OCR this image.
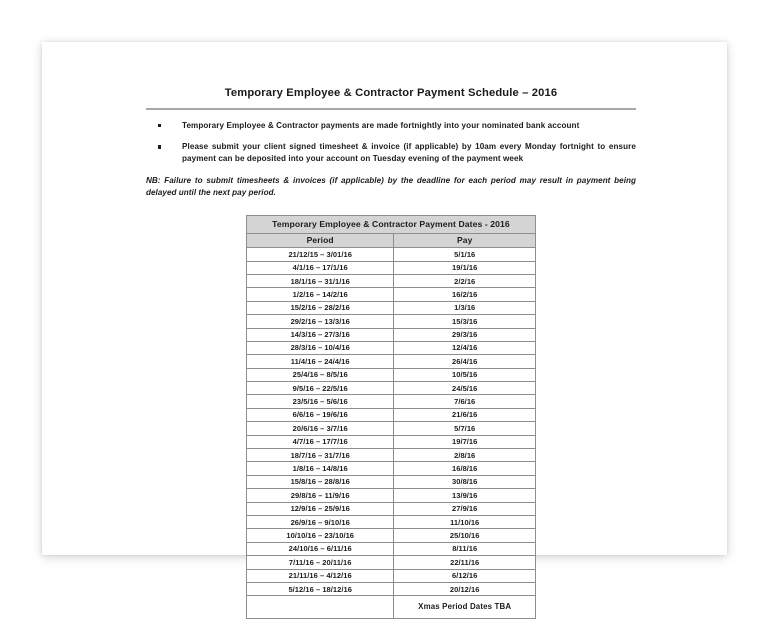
Temporary Employee & Contractor Payment Schedule – 2016
Temporary Employee & Contractor payments are made fortnightly into your nominated bank account
Please submit your client signed timesheet & invoice (if applicable) by 10am every Monday fortnight to ensure payment can be deposited into your account on Tuesday evening of the payment week

NB: Failure to submit timesheets & invoices (if applicable) by the deadline for each period may result in payment being delayed until the next pay period.

Temporary Employee & Contractor Payment Dates - 2016	
Period	Pay
21/12/15 – 3/01/16	5/1/16
4/1/16 – 17/1/16	19/1/16
18/1/16 – 31/1/16	2/2/16
1/2/16 – 14/2/16	16/2/16
15/2/16 – 28/2/16	1/3/16
29/2/16 – 13/3/16	15/3/16
14/3/16 – 27/3/16	29/3/16
28/3/16 – 10/4/16	12/4/16
11/4/16 – 24/4/16	26/4/16
25/4/16 – 8/5/16	10/5/16
9/5/16 – 22/5/16	24/5/16
23/5/16 – 5/6/16	7/6/16
6/6/16 – 19/6/16	21/6/16
20/6/16 – 3/7/16	5/7/16
4/7/16 – 17/7/16	19/7/16
18/7/16 – 31/7/16	2/8/16
1/8/16 – 14/8/16	16/8/16
15/8/16 – 28/8/16	30/8/16
29/8/16 – 11/9/16	13/9/16
12/9/16 – 25/9/16	27/9/16
26/9/16 – 9/10/16	11/10/16
10/10/16 – 23/10/16	25/10/16
24/10/16 – 6/11/16	8/11/16
7/11/16 – 20/11/16	22/11/16
21/11/16 – 4/12/16	6/12/16
5/12/16 – 18/12/16	20/12/16
	Xmas Period Dates TBA
